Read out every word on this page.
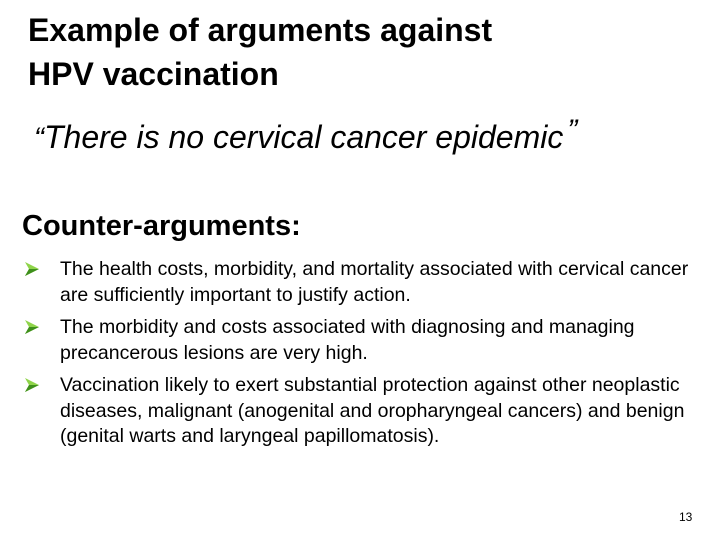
Example of arguments against
HPV vaccination

“There is no cervical cancer epidemic ”

Counter-arguments:
The health costs, morbidity, and mortality associated with cervical cancer are sufficiently important to justify action.
The morbidity and costs associated with diagnosing and managing precancerous lesions are very high.
Vaccination likely to exert substantial protection against other neoplastic diseases, malignant (anogenital and oropharyngeal cancers) and benign (genital warts and laryngeal papillomatosis).
13
